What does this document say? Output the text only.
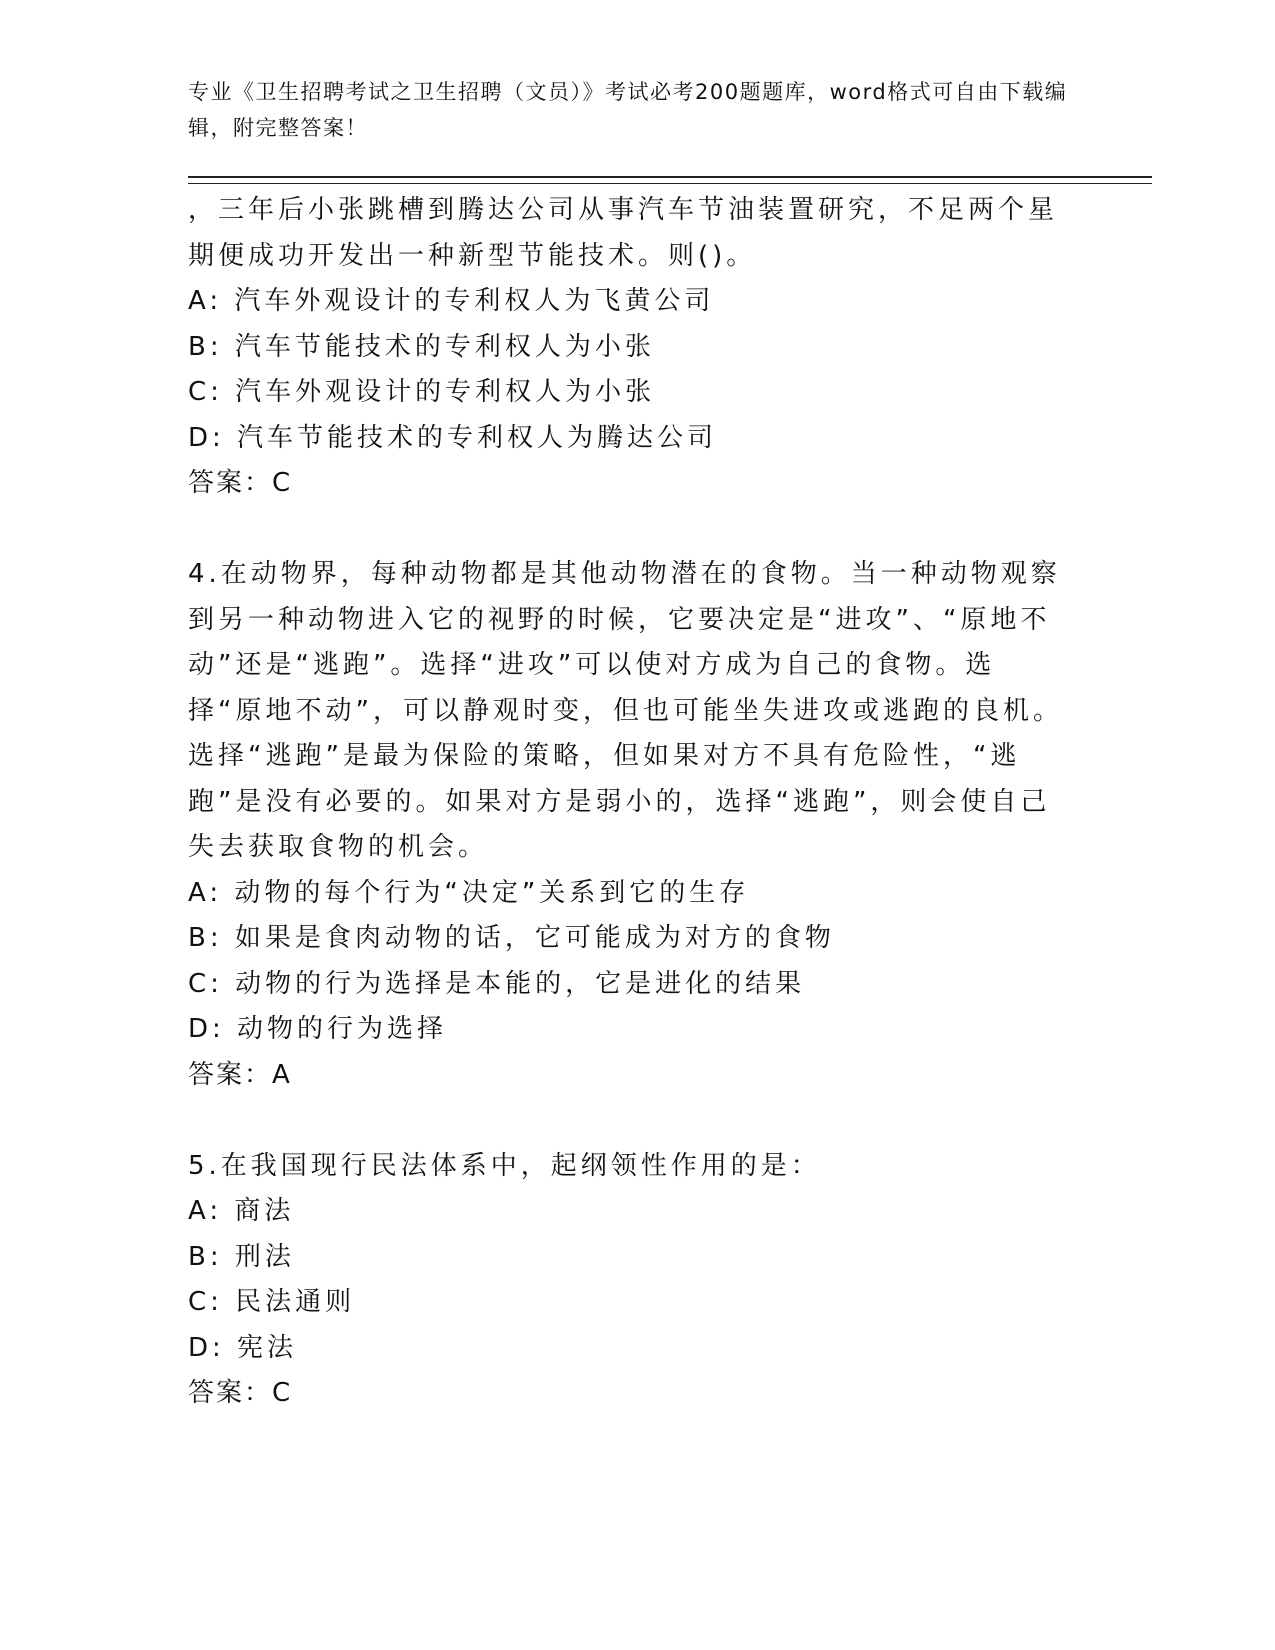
专业《卫生招聘考试之卫生招聘（文员）》考试必考200题题库，word格式可自由下载编辑，附完整答案！

，三年后小张跳槽到腾达公司从事汽车节油装置研究，不足两个星期便成功开发出一种新型节能技术。则()。

A: 汽车外观设计的专利权人为飞黄公司

B: 汽车节能技术的专利权人为小张

C: 汽车外观设计的专利权人为小张

D: 汽车节能技术的专利权人为腾达公司

答案：C

4.在动物界，每种动物都是其他动物潜在的食物。当一种动物观察到另一种动物进入它的视野的时候，它要决定是“进攻”、“原地不动”还是“逃跑”。选择“进攻”可以使对方成为自己的食物。选择“原地不动”，可以静观时变，但也可能坐失进攻或逃跑的良机。选择“逃跑”是最为保险的策略，但如果对方不具有危险性，“逃跑”是没有必要的。如果对方是弱小的，选择“逃跑”，则会使自己失去获取食物的机会。

A: 动物的每个行为“决定”关系到它的生存

B: 如果是食肉动物的话，它可能成为对方的食物

C: 动物的行为选择是本能的，它是进化的结果

D: 动物的行为选择

答案：A

5.在我国现行民法体系中，起纲领性作用的是：

A: 商法

B: 刑法

C: 民法通则

D: 宪法

答案：C
